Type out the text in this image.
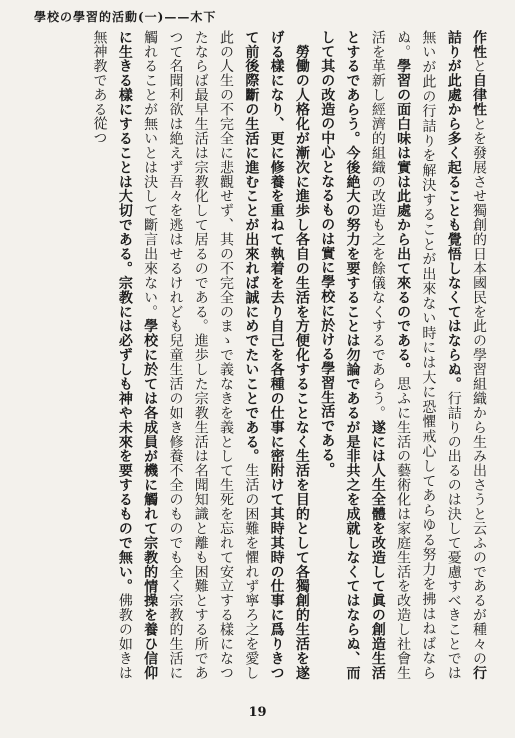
學校の學習的活動(一)——木下
作性と自律性とを發展させ獨創的日本國民を此の學習組織から生み出さうと云ふのであるが種々の行詰りが此處から多く起ることも覺悟しなくてはならぬ。行詰りの出るのは決して憂慮すべきことでは無いが此の行詰りを解決することが出來ない時には大に恐懼戒心してあらゆる努力を拂はねばならぬ。學習の面白味は實は此處から出て來るのである。思ふに生活の藝術化は家庭生活を改造し社會生活を革新し經濟的組織の改造も之を餘儀なくするであらう。遂には人生全體を改造して眞の創造生活とするであらう。今後絶大の努力を要することは勿論であるが是非共之を成就しなくてはならぬ、而して其の改造の中心となるものは實に學校に於ける學習生活である。
　勞働の人格化が漸次に進歩し各自の生活を方便化することなく生活を目的として各獨創的生活を遂げる樣になり、更に修養を重ねて執着を去り自己を各種の仕事に密附けて其時其時の仕事に爲りきつて前後際斷の生活に進むことが出來れば誠にめでたいことである。生活の困難を懼れず寧ろ之を愛し此の人生の不完全に悲觀せず、其の不完全のまゝで義なきを義として生死を忘れて安立する樣になつたならば最早生活は宗教化して居るのである。進歩した宗教生活は名聞知識と離も困難とする所であつて名聞利欲は絶えず吾々を逃はせるけれども兒童生活の如き修養不全のものでも全く宗教的生活に觸れることが無いとは決して斷言出來ない。學校に於ては各成員が機に觸れて宗教的情操を養ひ信仰に生きる樣にすることは大切である。宗教には必ずしも神や未來を要するもので無い。佛教の如きは無神教である從つ
19
